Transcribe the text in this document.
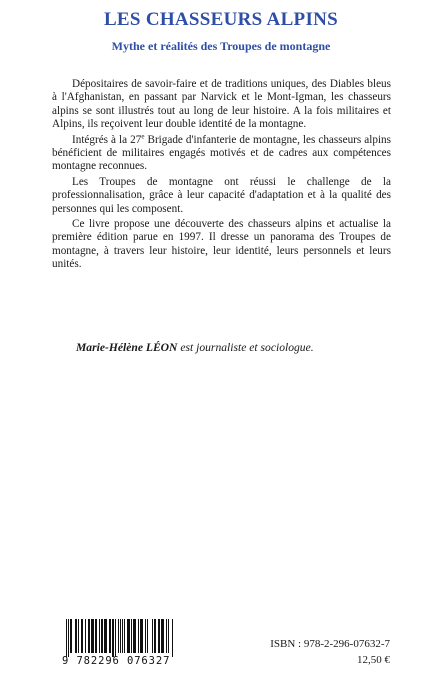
LES CHASSEURS ALPINS
Mythe et réalités des Troupes de montagne

Dépositaires de savoir-faire et de traditions uniques, des Diables bleus à l'Afghanistan, en passant par Narvick et le Mont-Igman, les chasseurs alpins se sont illustrés tout au long de leur histoire. A la fois militaires et Alpins, ils reçoivent leur double identité de la montagne.

Intégrés à la 27e Brigade d'infanterie de montagne, les chasseurs alpins bénéficient de militaires engagés motivés et de cadres aux compétences montagne reconnues.

Les Troupes de montagne ont réussi le challenge de la professionnalisation, grâce à leur capacité d'adaptation et à la qualité des personnes qui les composent.

Ce livre propose une découverte des chasseurs alpins et actualise la première édition parue en 1997. Il dresse un panorama des Troupes de montagne, à travers leur histoire, leur identité, leurs personnels et leurs unités.

Marie-Hélène LÉON est journaliste et sociologue.
9 782296 076327
ISBN : 978-2-296-07632-7
12,50 €
